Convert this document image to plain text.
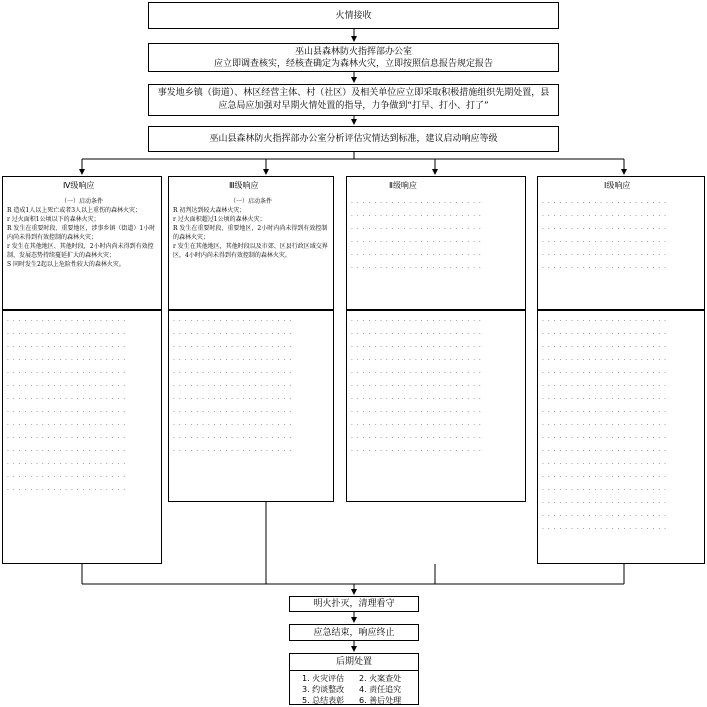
火情接收
巫山县森林防火指挥部办公室
应立即调查核实，经核查确定为森林火灾，立即按照信息报告规定报告
事发地乡镇（街道）、林区经营主体、村（社区）及相关单位应立即采取积极措施组织先期处置，县应急局应加强对早期火情处置的指导，力争做到“打早、打小、打了”
巫山县森林防火指挥部办公室分析评估灾情达到标准，建议启动响应等级
Ⅳ级响应
（一）启动条件
R 造成1人以上死亡或者3人以上重伤的森林火灾；
r 过火面积1公顷以下的森林火灾；
R 发生在重要时段、重要地区，涉事乡镇（街道）1小时内尚未得到有效控制的森林火灾；
r 发生在其他地区、其他时段，2小时内尚未得到有效控制、发展态势持续蔓延扩大的森林火灾；
S 同时发生2起以上危险性较大的森林火灾。
· · · · · · · · · · · · · · · · · · · · ·
· · · · · · · · · · · · · · · · · · · · ·
· · · · · · · · · · · · · · · · · · · · ·
· · · · · · · · · · · · · · · · · · · · ·
· · · · · · · · · · · · · · · · · · · · ·
· · · · · · · · · · · · · · · · · · · · ·
· · · · · · · · · · · · · · · · · · · · ·
· · · · · · · · · · · · · · · · · · · · ·
· · · · · · · · · · · · · · · · · · · · ·
· · · · · · · · · · · · · · · · · · · · ·
· · · · · · · · · · · · · · · · · · · · ·
· · · · · · · · · · · · · · · · · · · · ·
· · · · · · · · · · · · · · · · · · · · ·
· · · · · · · · · · · · · · · · · · · · ·
Ⅲ级响应
（一）启动条件
R 初判达到较大森林火灾；
r 过火面积超过1公顷的森林火灾；
R 发生在重要时段、重要地区，2小时内尚未得到有效控制的森林火灾；
r 发生在其他地区，其他时段以及市郊、区县行政区域交界区，4小时内尚未得到有效控制的森林火灾。
· · · · · · · · · · · · · · · · · · · · ·
· · · · · · · · · · · · · · · · · · · · ·
· · · · · · · · · · · · · · · · · · · · ·
· · · · · · · · · · · · · · · · · · · · ·
· · · · · · · · · · · · · · · · · · · · ·
· · · · · · · · · · · · · · · · · · · · ·
· · · · · · · · · · · · · · · · · · · · ·
· · · · · · · · · · · · · · · · · · · · ·
· · · · · · · · · · · · · · · · · · · · ·
· · · · · · · · · · · · · · · · · · · · ·
· · · · · · · · · · · · · · · · · · · · ·
Ⅱ级响应
· · · · · · · · · · · · · · · · · · · · · · ·
· · · · · · · · · · · · · · · · · · · · · · ·
· · · · · · · · · · · · · · · · · · · · · · ·
· · · · · · · · · · · · · · · · · · · · · · ·
· · · · · · · · · · · · · · · · · · · · · · ·
· · · · · · · · · · · · · · · · · · · · · · ·
· · · · · · · · · · · · · · · · · · · · · · ·
· · · · · · · · · · · · · · · · · · · · · · ·
· · · · · · · · · · · · · · · · · · · · · · ·
· · · · · · · · · · · · · · · · · · · · · · ·
· · · · · · · · · · · · · · · · · · · · · · ·
· · · · · · · · · · · · · · · · · · · · · · ·
· · · · · · · · · · · · · · · · · · · · · · ·
· · · · · · · · · · · · · · · · · · · · · · ·
· · · · · · · · · · · · · · · · · · · · · · ·
· · · · · · · · · · · · · · · · · · · · · · ·
· · · · · · · · · · · · · · · · · · · · · · ·
Ⅰ级响应
· · · · · · · · · · · · · · · · · · · · · ·
· · · · · · · · · · · · · · · · · · · · · ·
· · · · · · · · · · · · · · · · · · · · · ·
· · · · · · · · · · · · · · · · · · · · · ·
· · · · · · · · · · · · · · · · · · · · · ·
· · · · · · · · · · · · · · · · · · · · · ·
· · · · · · · · · · · · · · · · · · · · · ·
· · · · · · · · · · · · · · · · · · · · · ·
· · · · · · · · · · · · · · · · · · · · · ·
· · · · · · · · · · · · · · · · · · · · · ·
· · · · · · · · · · · · · · · · · · · · · ·
· · · · · · · · · · · · · · · · · · · · · ·
· · · · · · · · · · · · · · · · · · · · · ·
· · · · · · · · · · · · · · · · · · · · · ·
· · · · · · · · · · · · · · · · · · · · · ·
· · · · · · · · · · · · · · · · · · · · · ·
· · · · · · · · · · · · · · · · · · · · · ·
· · · · · · · · · · · · · · · · · · · · · ·
· · · · · · · · · · · · · · · · · · · · · ·
· · · · · · · · · · · · · · · · · · · · · ·
· · · · · · · · · · · · · · · · · · · · · ·
· · · · · · · · · · · · · · · · · · · · · ·
· · · · · · · · · · · · · · · · · · · · · ·
明火扑灭，清理看守
应急结束，响应终止
后期处置
1. 火灾评估	2. 火案查处
3. 约谈整改	4. 责任追究
5. 总结表彰	6. 善后处理
